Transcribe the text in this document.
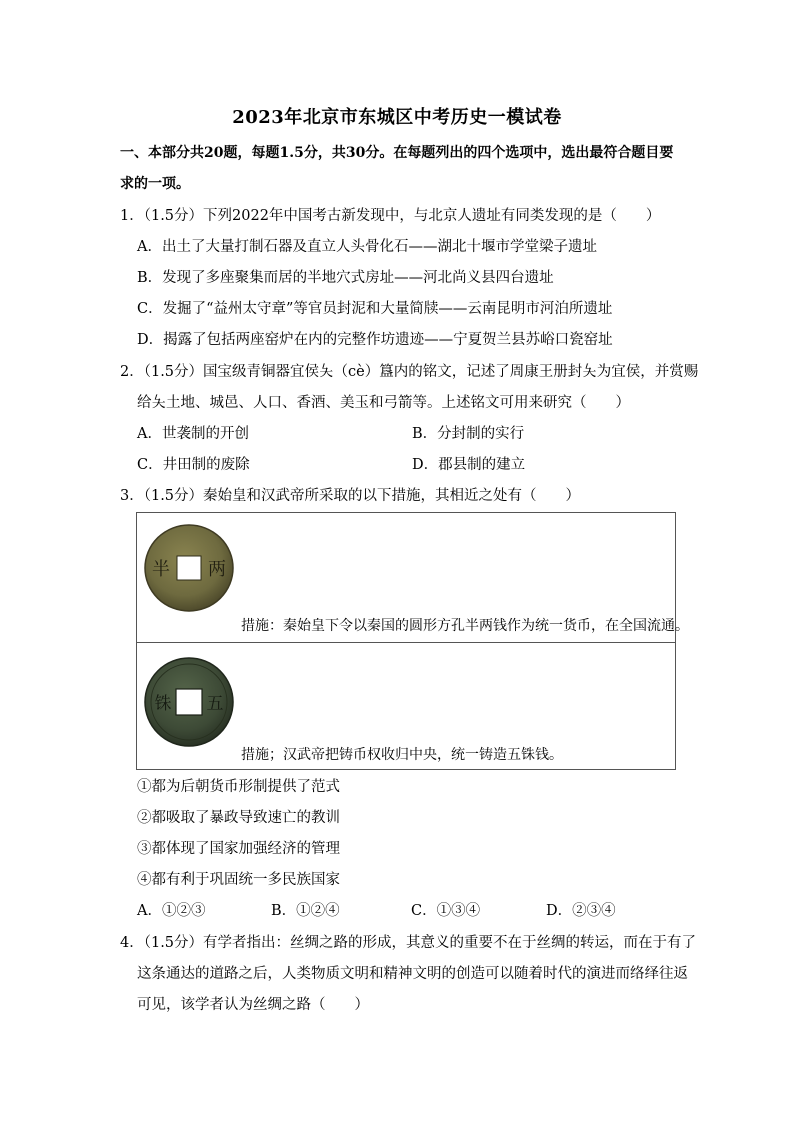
2023年北京市东城区中考历史一模试卷
一、本部分共20题，每题1.5分，共30分。在每题列出的四个选项中，选出最符合题目要
求的一项。
1．（1.5分）下列2022年中国考古新发现中，与北京人遗址有同类发现的是（　　）
A．出土了大量打制石器及直立人头骨化石——湖北十堰市学堂梁子遗址
B．发现了多座聚集而居的半地穴式房址——河北尚义县四台遗址
C．发掘了“益州太守章”等官员封泥和大量简牍——云南昆明市河泊所遗址
D．揭露了包括两座窑炉在内的完整作坊遗迹——宁夏贺兰县苏峪口瓷窑址
2．（1.5分）国宝级青铜器宜侯夨（cè）簋内的铭文，记述了周康王册封夨为宜侯，并赏赐
给夨土地、城邑、人口、香酒、美玉和弓箭等。上述铭文可用来研究（　　）
A．世袭制的开创	B．分封制的实行
C．井田制的废除	D．郡县制的建立
3．（1.5分）秦始皇和汉武帝所采取的以下措施，其相近之处有（　　）
半 两
措施：秦始皇下令以秦国的圆形方孔半两钱作为统一货币，在全国流通。
五
铢
措施；汉武帝把铸币权收归中央，统一铸造五铢钱。
①都为后朝货币形制提供了范式
②都吸取了暴政导致速亡的教训
③都体现了国家加强经济的管理
④都有利于巩固统一多民族国家
A．①②③	B．①②④	C．①③④	D．②③④
4．（1.5分）有学者指出：丝绸之路的形成，其意义的重要不在于丝绸的转运，而在于有了
这条通达的道路之后，人类物质文明和精神文明的创造可以随着时代的演进而络绎往返
可见，该学者认为丝绸之路（　　）
